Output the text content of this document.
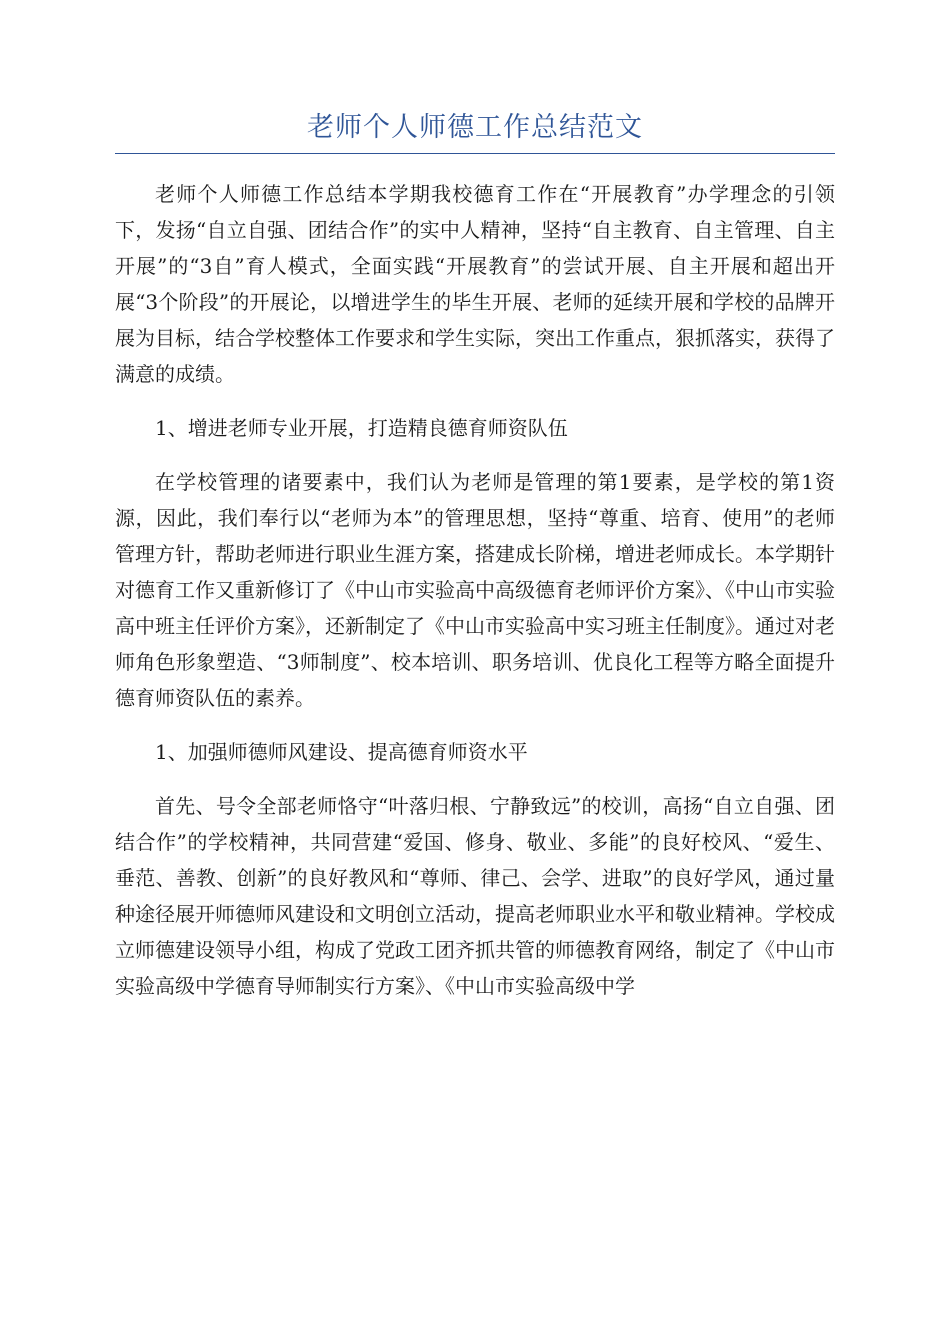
老师个人师德工作总结范文

老师个人师德工作总结本学期我校德育工作在“开展教育”办学理念的引领下，发扬“自立自强、团结合作”的实中人精神，坚持“自主教育、自主管理、自主开展”的“3自”育人模式，全面实践“开展教育”的尝试开展、自主开展和超出开展“3个阶段”的开展论，以增进学生的毕生开展、老师的延续开展和学校的品牌开展为目标，结合学校整体工作要求和学生实际，突出工作重点，狠抓落实，获得了满意的成绩。

1、增进老师专业开展，打造精良德育师资队伍

在学校管理的诸要素中，我们认为老师是管理的第1要素，是学校的第1资源，因此，我们奉行以“老师为本”的管理思想，坚持“尊重、培育、使用”的老师管理方针，帮助老师进行职业生涯方案，搭建成长阶梯，增进老师成长。本学期针对德育工作又重新修订了《中山市实验高中高级德育老师评价方案》、《中山市实验高中班主任评价方案》，还新制定了《中山市实验高中实习班主任制度》。通过对老师角色形象塑造、“3师制度”、校本培训、职务培训、优良化工程等方略全面提升德育师资队伍的素养。

1、加强师德师风建设、提高德育师资水平

首先、号令全部老师恪守“叶落归根、宁静致远”的校训，高扬“自立自强、团结合作”的学校精神，共同营建“爱国、修身、敬业、多能”的良好校风、“爱生、垂范、善教、创新”的良好教风和“尊师、律己、会学、进取”的良好学风，通过量种途径展开师德师风建设和文明创立活动，提高老师职业水平和敬业精神。学校成立师德建设领导小组，构成了党政工团齐抓共管的师德教育网络，制定了《中山市实验高级中学德育导师制实行方案》、《中山市实验高级中学
